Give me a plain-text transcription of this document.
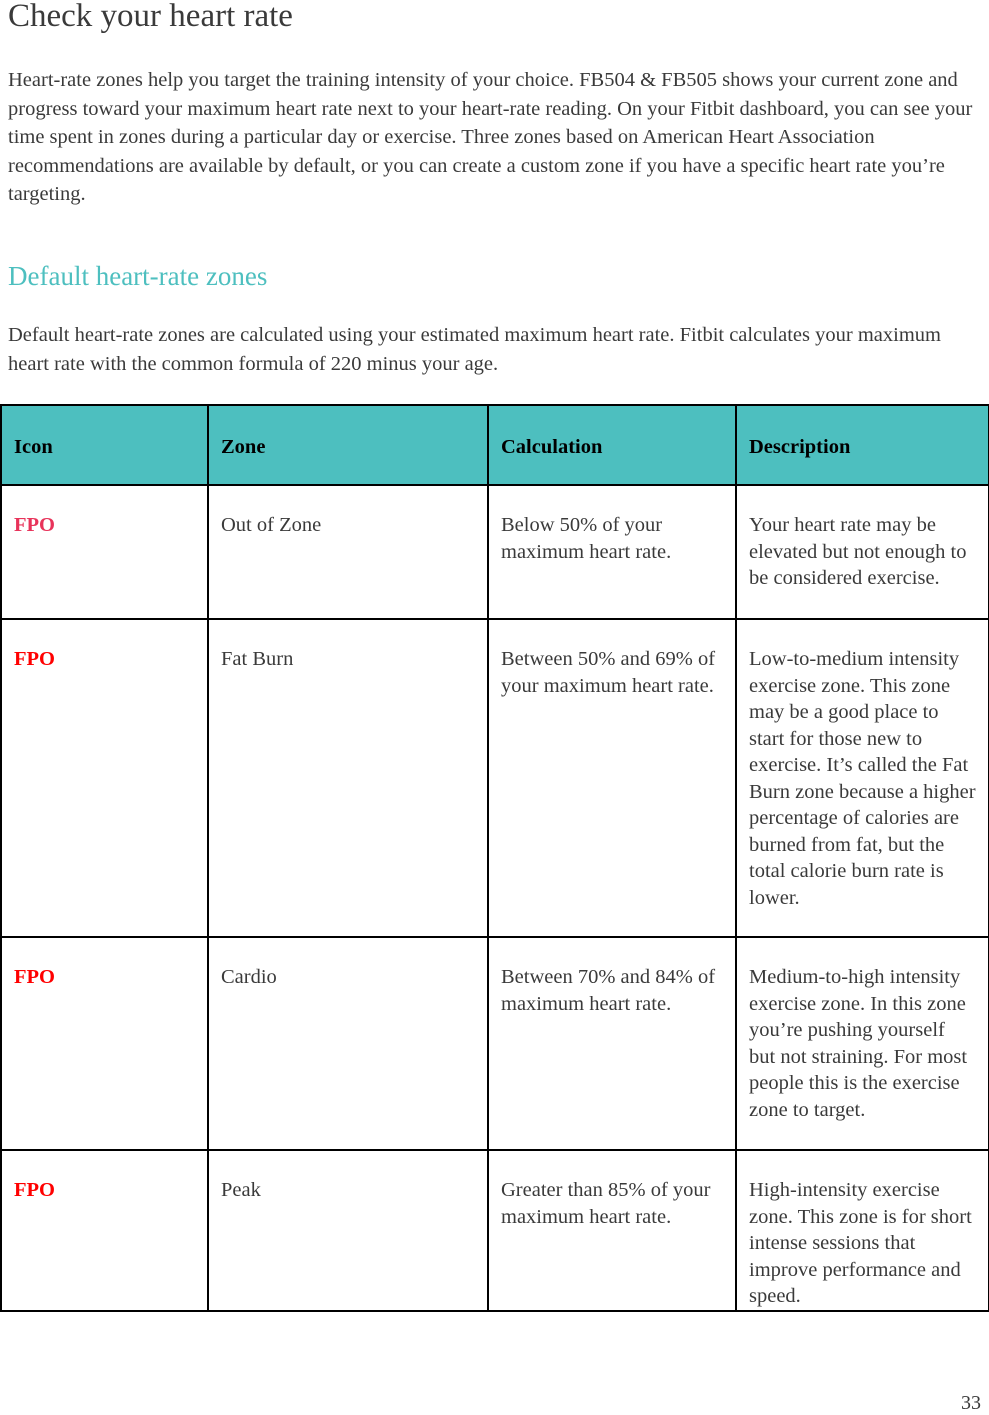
Check your heart rate

Heart-rate zones help you target the training intensity of your choice. FB504 & FB505 shows your current zone and progress toward your maximum heart rate next to your heart-rate reading. On your Fitbit dashboard, you can see your time spent in zones during a particular day or exercise. Three zones based on American Heart Association recommendations are available by default, or you can create a custom zone if you have a specific heart rate you’re targeting.

Default heart-rate zones

Default heart-rate zones are calculated using your estimated maximum heart rate. Fitbit calculates your maximum heart rate with the common formula of 220 minus your age.

Icon	Zone	Calculation	Description
FPO	Out of Zone	Below 50% of your maximum heart rate.	Your heart rate may be elevated but not enough to be considered exercise.
FPO	Fat Burn	Between 50% and 69% of your maximum heart rate.	Low-to-medium intensity exercise zone. This zone may be a good place to start for those new to exercise. It’s called the Fat Burn zone because a higher percentage of calories are burned from fat, but the total calorie burn rate is lower.
FPO	Cardio	Between 70% and 84% of maximum heart rate.	Medium-to-high intensity exercise zone. In this zone you’re pushing yourself but not straining. For most people this is the exercise zone to target.
FPO	Peak	Greater than 85% of your maximum heart rate.	High-intensity exercise zone. This zone is for short intense sessions that improve performance and speed.
33
